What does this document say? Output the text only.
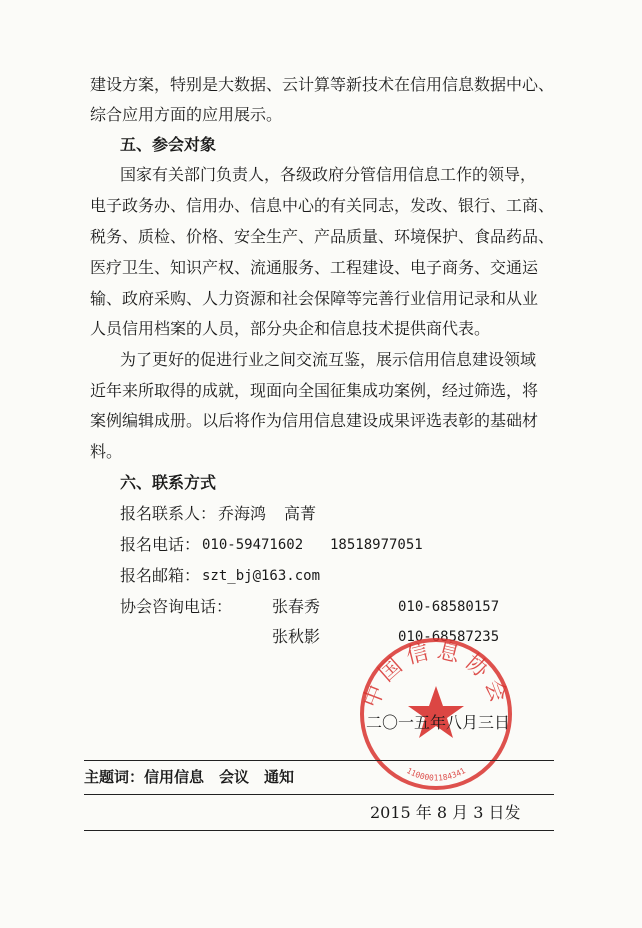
建设方案，特别是大数据、云计算等新技术在信用信息数据中心、
综合应用方面的应用展示。
五、参会对象
国家有关部门负责人，各级政府分管信用信息工作的领导，
电子政务办、信用办、信息中心的有关同志，发改、银行、工商、
税务、质检、价格、安全生产、产品质量、环境保护、食品药品、
医疗卫生、知识产权、流通服务、工程建设、电子商务、交通运
输、政府采购、人力资源和社会保障等完善行业信用记录和从业
人员信用档案的人员，部分央企和信息技术提供商代表。
为了更好的促进行业之间交流互鉴，展示信用信息建设领域
近年来所取得的成就，现面向全国征集成功案例，经过筛选，将
案例编辑成册。以后将作为信用信息建设成果评选表彰的基础材
料。
六、联系方式
报名联系人： 乔海鸿 高菁
报名电话： 010-59471602 18518977051
报名邮箱： szt_bj@163.com
协会咨询电话： 张春秀	010-68580157
张秋影	010-68587235
中国信息协会
1100001184341
二〇一五年八月三日
主题词：信用信息　会议　通知
2015 年 8 月 3 日发
